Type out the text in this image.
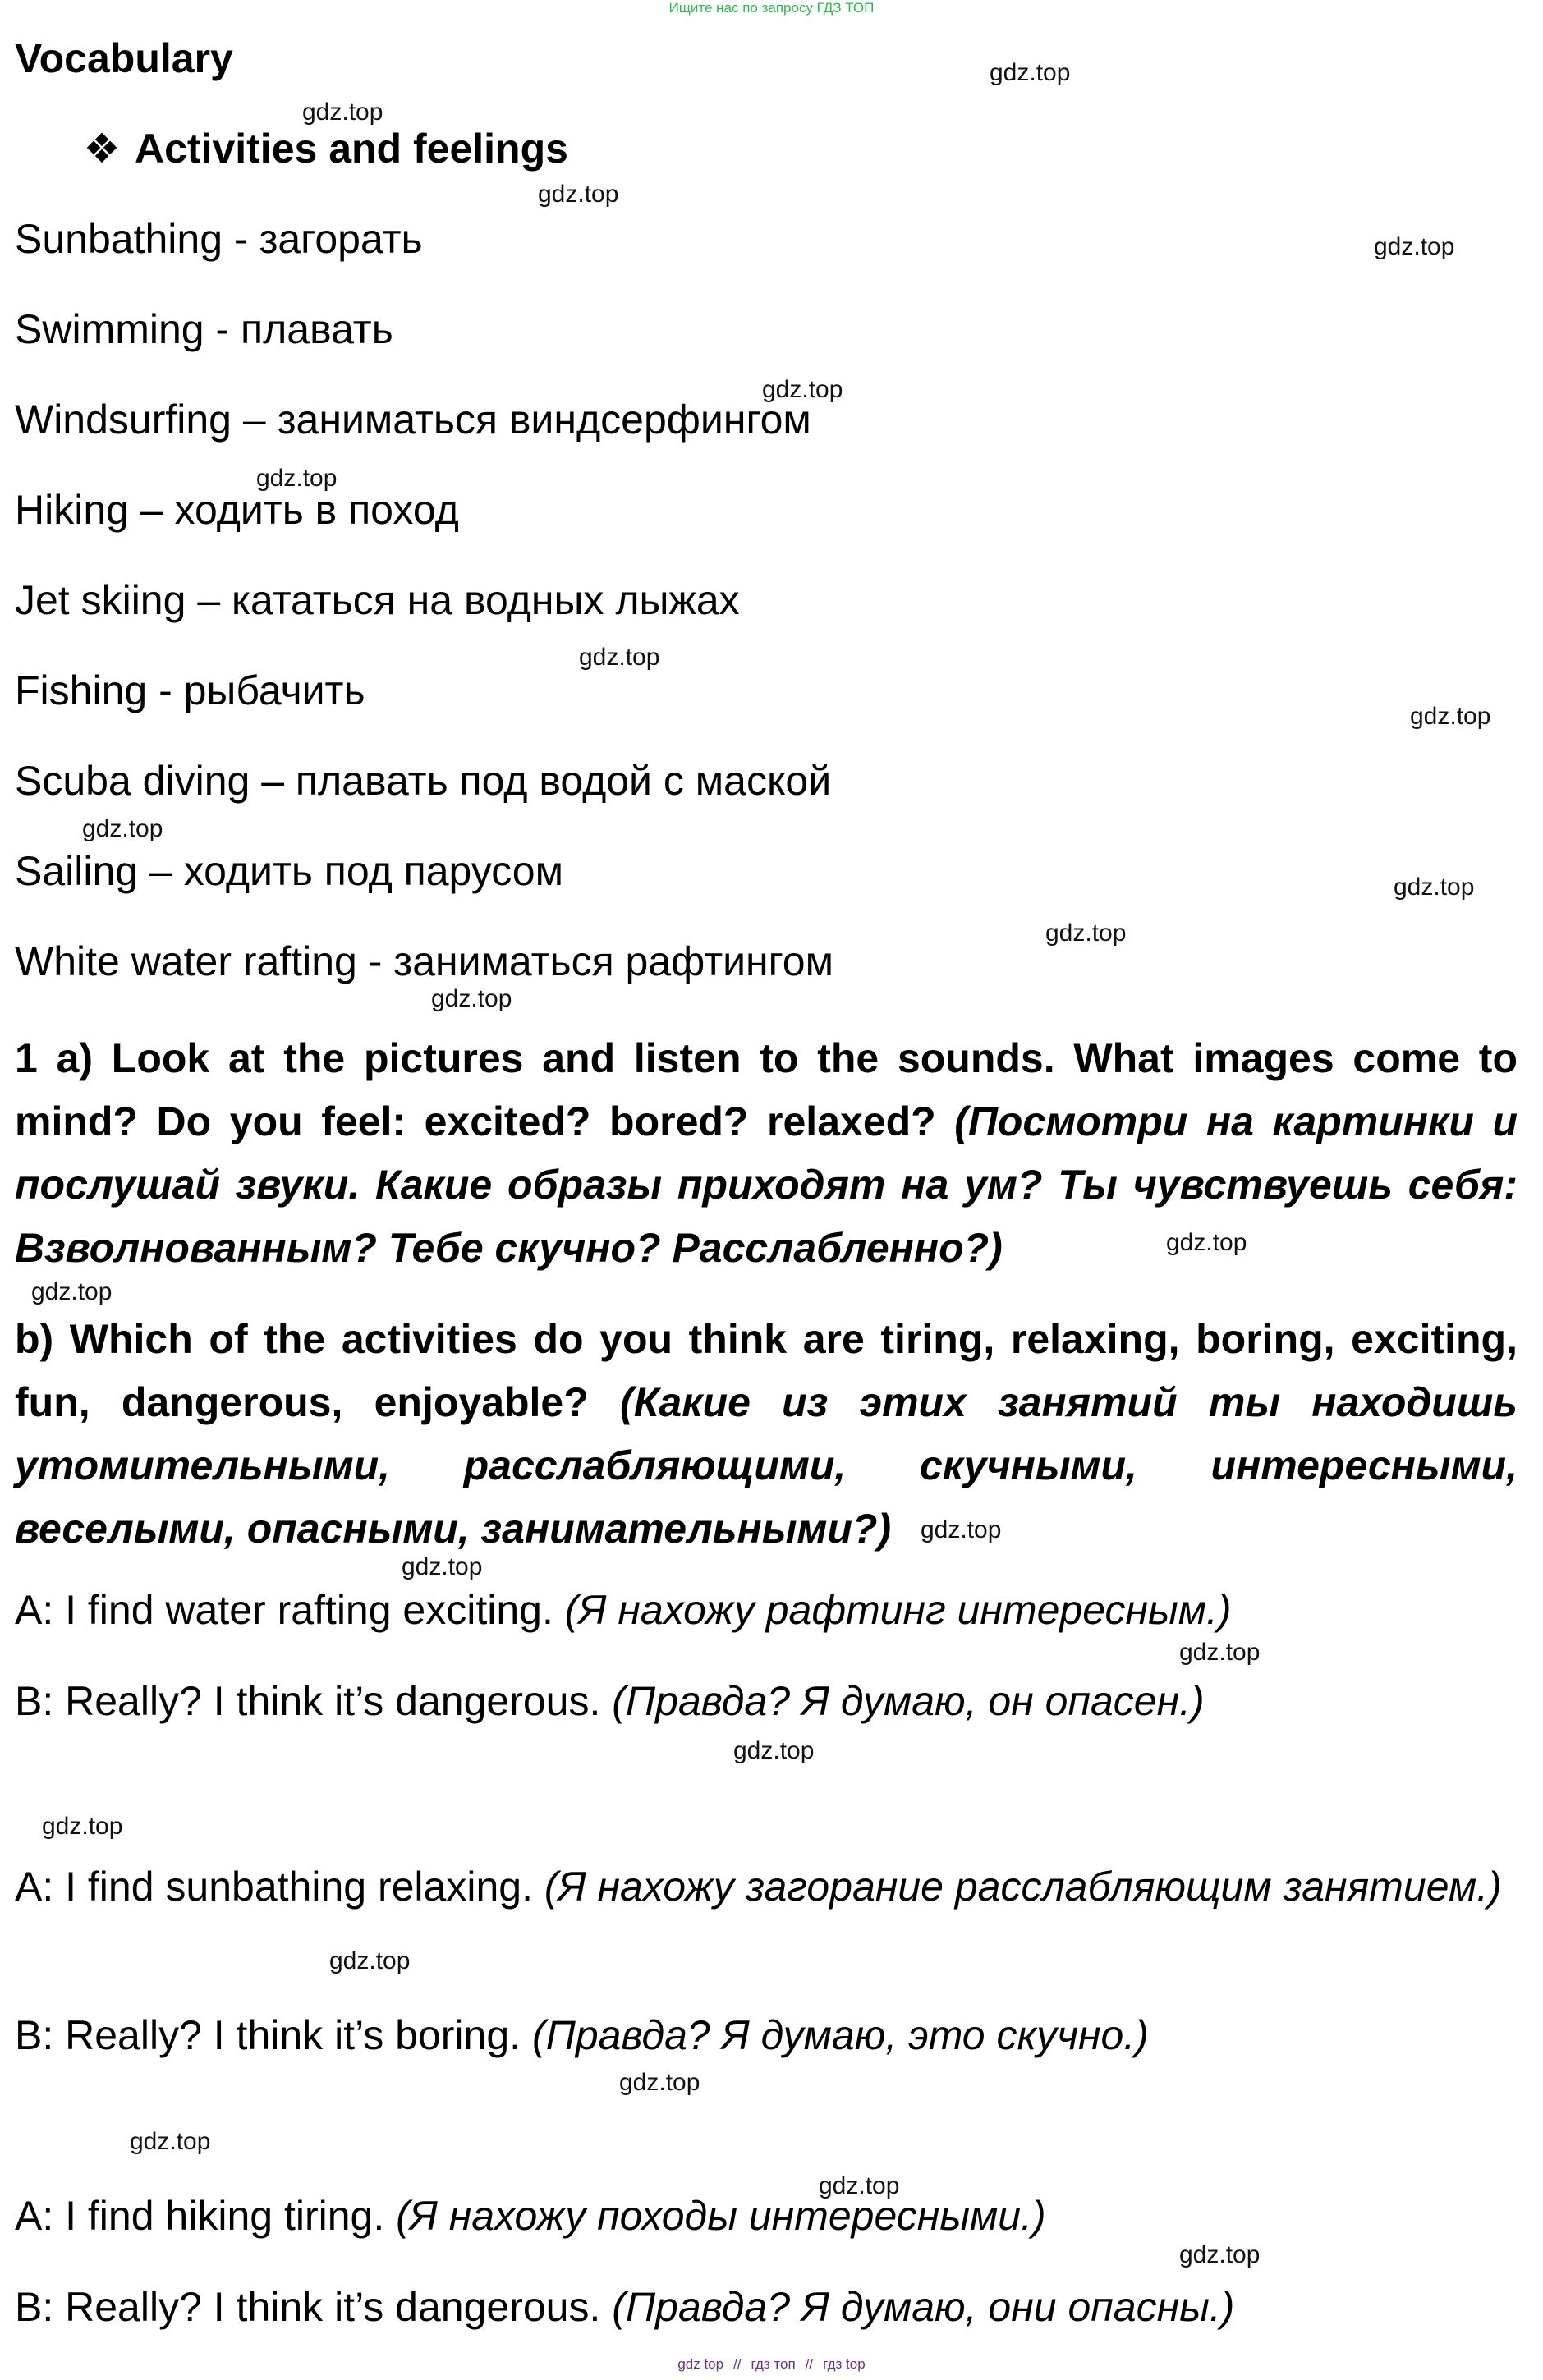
Ищите нас по запросу ГДЗ ТОП
Vocabulary
❖ Activities and feelings
Sunbathing - загорать
Swimming - плавать
Windsurfing – заниматься виндсерфингом
Hiking – ходить в поход
Jet skiing – кататься на водных лыжах
Fishing - рыбачить
Scuba diving – плавать под водой с маской
Sailing – ходить под парусом
White water rafting - заниматься рафтингом
1 a) Look at the pictures and listen to the sounds. What images come to mind? Do you feel: excited? bored? relaxed? (Посмотри на картинки и послушай звуки. Какие образы приходят на ум? Ты чувствуешь себя: Взволнованным? Тебе скучно? Расслабленно?)
b) Which of the activities do you think are tiring, relaxing, boring, exciting, fun, dangerous, enjoyable? (Какие из этих занятий ты находишь утомительными, расслабляющими, скучными, интересными, веселыми, опасными, занимательными?)
A: I find water rafting exciting. (Я нахожу рафтинг интересным.)
B: Really? I think it’s dangerous. (Правда? Я думаю, он опасен.)
A: I find sunbathing relaxing. (Я нахожу загорание расслабляющим занятием.)
B: Really? I think it’s boring. (Правда? Я думаю, это скучно.)
A: I find hiking tiring. (Я нахожу походы интересными.)
B: Really? I think it’s dangerous. (Правда? Я думаю, они опасны.)
gdz.top
gdz.top
gdz.top
gdz.top
gdz.top
gdz.top
gdz.top
gdz.top
gdz.top
gdz.top
gdz.top
gdz.top
gdz.top
gdz.top
gdz.top
gdz.top
gdz.top
gdz.top
gdz.top
gdz.top
gdz.top
gdz.top
gdz.top
gdz.top
gdz top // гдз топ // гдз top
